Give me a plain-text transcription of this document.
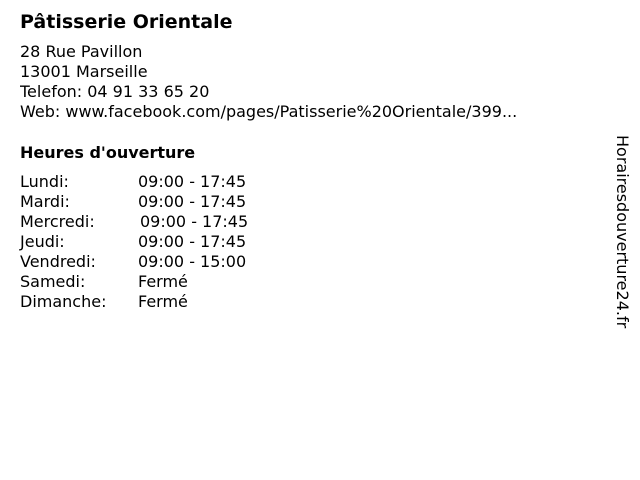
Pâtisserie Orientale
28 Rue Pavillon
13001 Marseille
Telefon: 04 91 33 65 20
Web: www.facebook.com/pages/Patisserie%20Orientale/399...
Heures d'ouverture
Lundi:	09:00 - 17:45
Mardi:	09:00 - 17:45
Mercredi:	09:00 - 17:45
Jeudi:	09:00 - 17:45
Vendredi:	09:00 - 15:00
Samedi:	Fermé
Dimanche:	Fermé	Horairesdouverture24.fr
